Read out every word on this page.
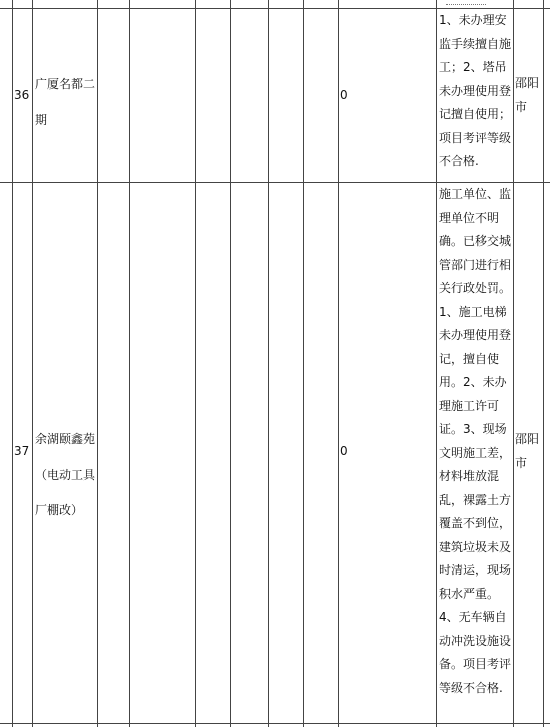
36

广厦名都二

期

0

1、未办理安

监手续擅自施

工；2、塔吊

未办理使用登

记擅自使用；

项目考评等级

不合格.

邵阳

市

37

余湖颐鑫苑

（电动工具

厂棚改）

0

施工单位、监

理单位不明

确。已移交城

管部门进行相

关行政处罚。

1、施工电梯

未办理使用登

记，擅自使

用。2、未办

理施工许可

证。3、现场

文明施工差，

材料堆放混

乱，裸露土方

覆盖不到位，

建筑垃圾未及

时清运，现场

积水严重。

4、无车辆自

动冲洗设施设

备。项目考评

等级不合格.

邵阳

市
